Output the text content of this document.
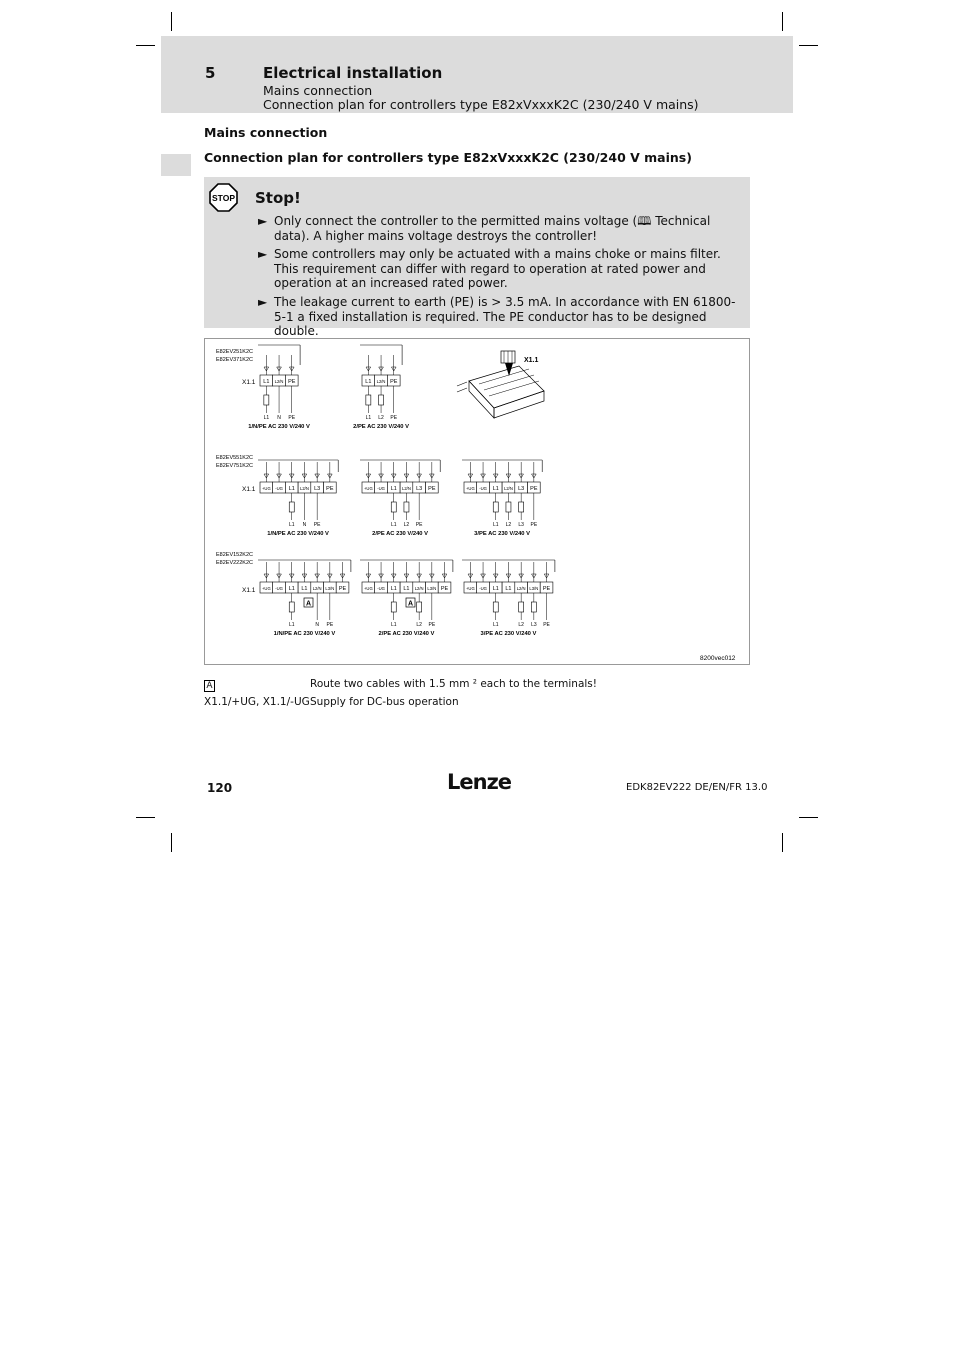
5	Electrical installation
Mains connection
Connection plan for controllers type E82xVxxxK2C (230/240 V mains)
Mains connection
Connection plan for controllers type E82xVxxxK2C (230/240 V mains)
STOP Stop!
► Only connect the controller to the permitted mains voltage (🕮 Technical data). A higher mains voltage destroys the controller!
► Some controllers may only be actuated with a mains choke or mains filter. This requirement can differ with regard to operation at rated power and operation at an increased rated power.
► The leakage current to earth (PE) is > 3.5 mA. In accordance with EN 61800-5-1 a fixed installation is required. The PE conductor has to be designed double.
E82EV251K2C
E82EV371K2C
E82EV551K2C
E82EV751K2C
E82EV152K2C
E82EV222K2C
X1.1
X1.1
X1.1
L1 L2/N PE
L1 N PE
1/N/PE AC 230 V/240 V
L1 L2/N PE
L1 L2 PE
2/PE AC 230 V/240 V
+UG -UG L1 L2/N L3 PE
L1 N PE
1/N/PE AC 230 V/240 V
+UG -UG L1 L2/N L3 PE
L1 L2 PE
2/PE AC 230 V/240 V
+UG -UG L1 L2/N L3 PE
L1 L2 L3 PE
3/PE AC 230 V/240 V
+UG -UG L1 L1 L2/N L3/N PE
L1	N PE
A
1/N/PE AC 230 V/240 V
+UG -UG L1 L1 L2/N L3/N PE
L1	L2 PE
A
2/PE AC 230 V/240 V
+UG -UG L1 L1 L2/N L3/N PE
L1	L2 L3 PE
3/PE AC 230 V/240 V
X1.1
8200vec012
A	Route two cables with 1.5 mm ² each to the terminals!
X1.1/+UG, X1.1/-UG Supply for DC-bus operation
120	Lenze	EDK82EV222 DE/EN/FR 13.0
